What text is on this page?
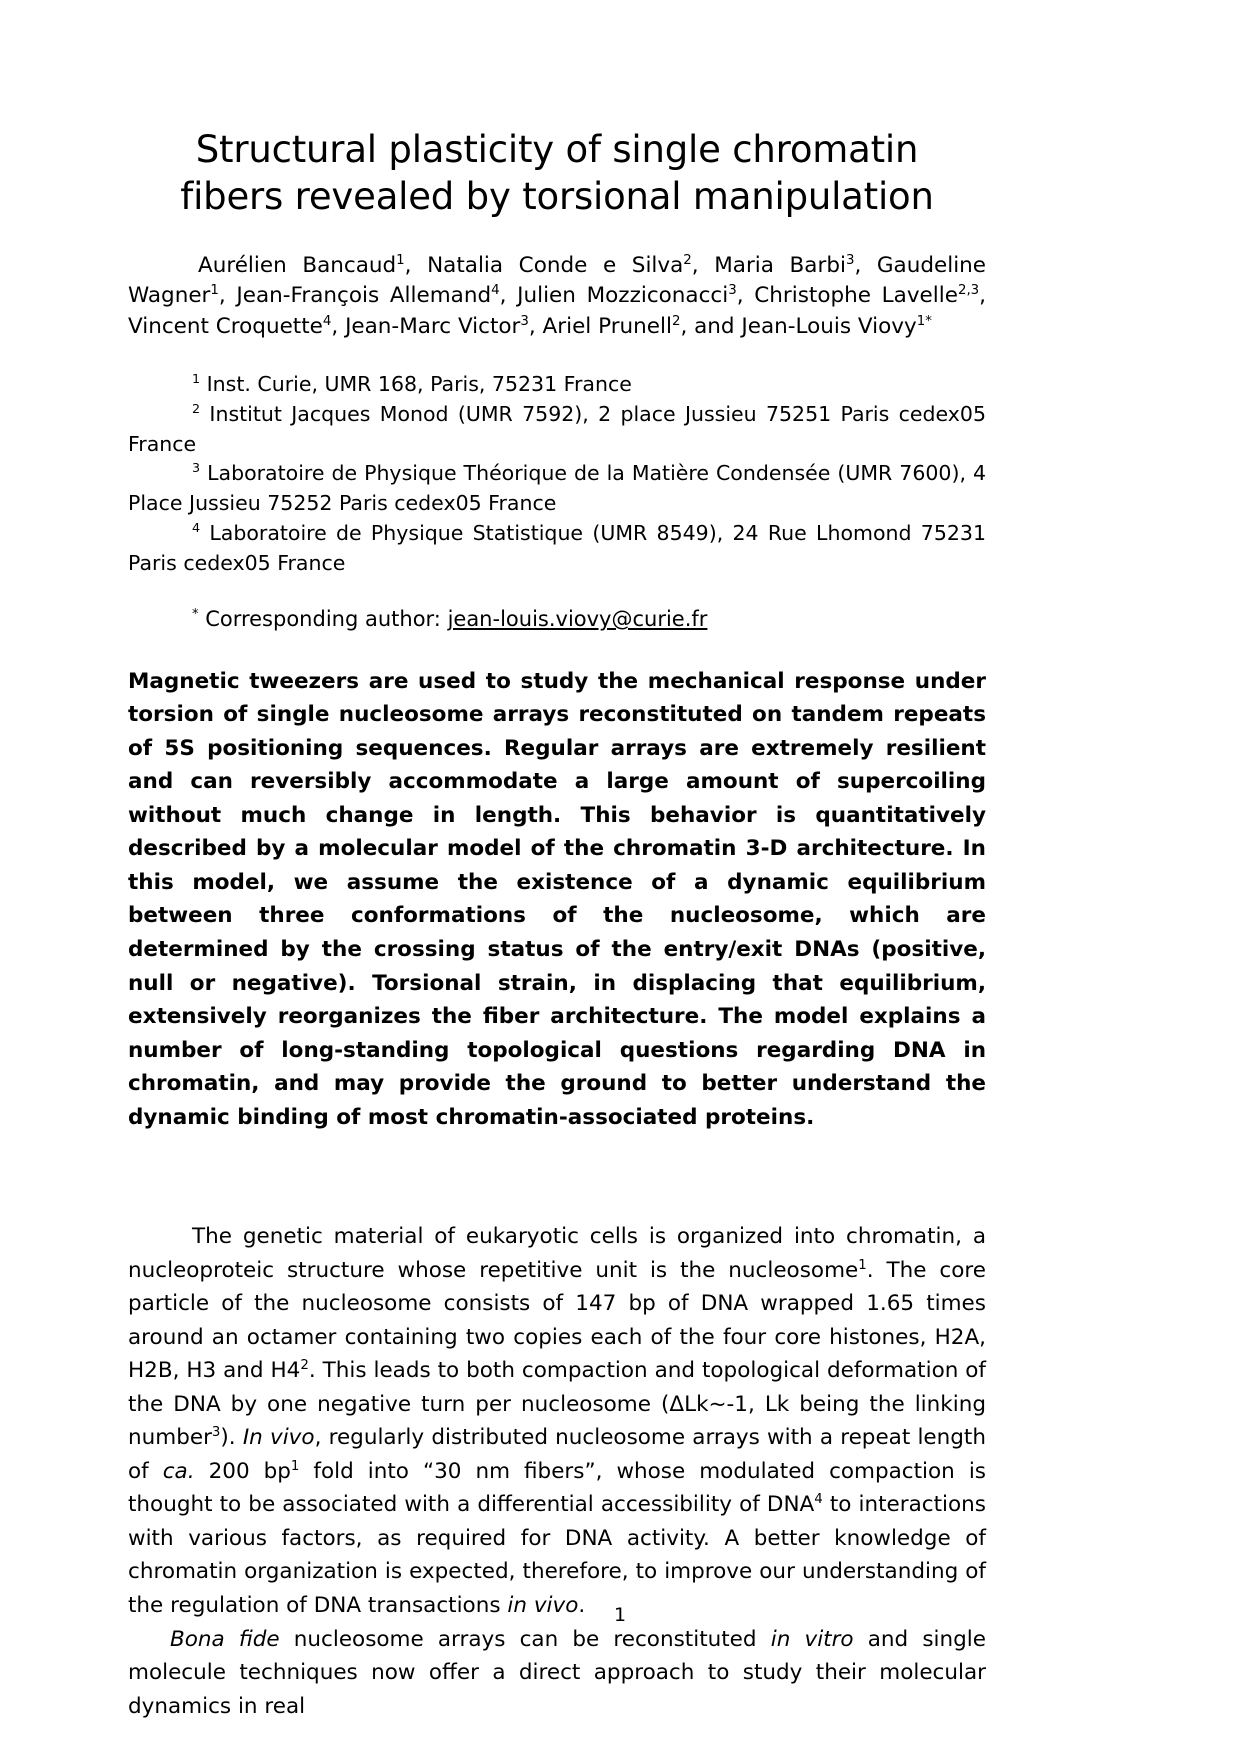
Structural plasticity of single chromatin
fibers revealed by torsional manipulation

Aurélien Bancaud$^1$, Natalia Conde e Silva$^2$, Maria Barbi$^3$, Gaudeline Wagner$^1$, Jean-François Allemand$^4$, Julien Mozziconacci$^3$, Christophe Lavelle$^{2,3}$, Vincent Croquette$^4$, Jean-Marc Victor$^3$, Ariel Prunell$^2$, and Jean-Louis Viovy$^{1*}$

$^1$ Inst. Curie, UMR 168, Paris, 75231 France

$^2$ Institut Jacques Monod (UMR 7592), 2 place Jussieu 75251 Paris cedex05 France

$^3$ Laboratoire de Physique Théorique de la Matière Condensée (UMR 7600), 4 Place Jussieu 75252 Paris cedex05 France

$^4$ Laboratoire de Physique Statistique (UMR 8549), 24 Rue Lhomond 75231 Paris cedex05 France

* Corresponding author: jean-louis.viovy@curie.fr

Magnetic tweezers are used to study the mechanical response under torsion of single nucleosome arrays reconstituted on tandem repeats of 5S positioning sequences. Regular arrays are extremely resilient and can reversibly accommodate a large amount of supercoiling without much change in length. This behavior is quantitatively described by a molecular model of the chromatin 3-D architecture. In this model, we assume the existence of a dynamic equilibrium between three conformations of the nucleosome, which are determined by the crossing status of the entry/exit DNAs (positive, null or negative). Torsional strain, in displacing that equilibrium, extensively reorganizes the fiber architecture. The model explains a number of long-standing topological questions regarding DNA in chromatin, and may provide the ground to better understand the dynamic binding of most chromatin-associated proteins.

The genetic material of eukaryotic cells is organized into chromatin, a nucleoproteic structure whose repetitive unit is the nucleosome$^1$. The core particle of the nucleosome consists of 147 bp of DNA wrapped 1.65 times around an octamer containing two copies each of the four core histones, H2A, H2B, H3 and $H4^2$. This leads to both compaction and topological deformation of the DNA by one negative turn per nucleosome (ΔLk~-1, Lk being the linking number$^3$). In vivo, regularly distributed nucleosome arrays with a repeat length of ca. 200 $bp^1$ fold into “30 nm fibers”, whose modulated compaction is thought to be associated with a differential accessibility of DNA$^4$ to interactions with various factors, as required for DNA activity. A better knowledge of chromatin organization is expected, therefore, to improve our understanding of the regulation of DNA transactions in vivo.

Bona fide nucleosome arrays can be reconstituted in vitro and single molecule techniques now offer a direct approach to study their molecular dynamics in real

1
